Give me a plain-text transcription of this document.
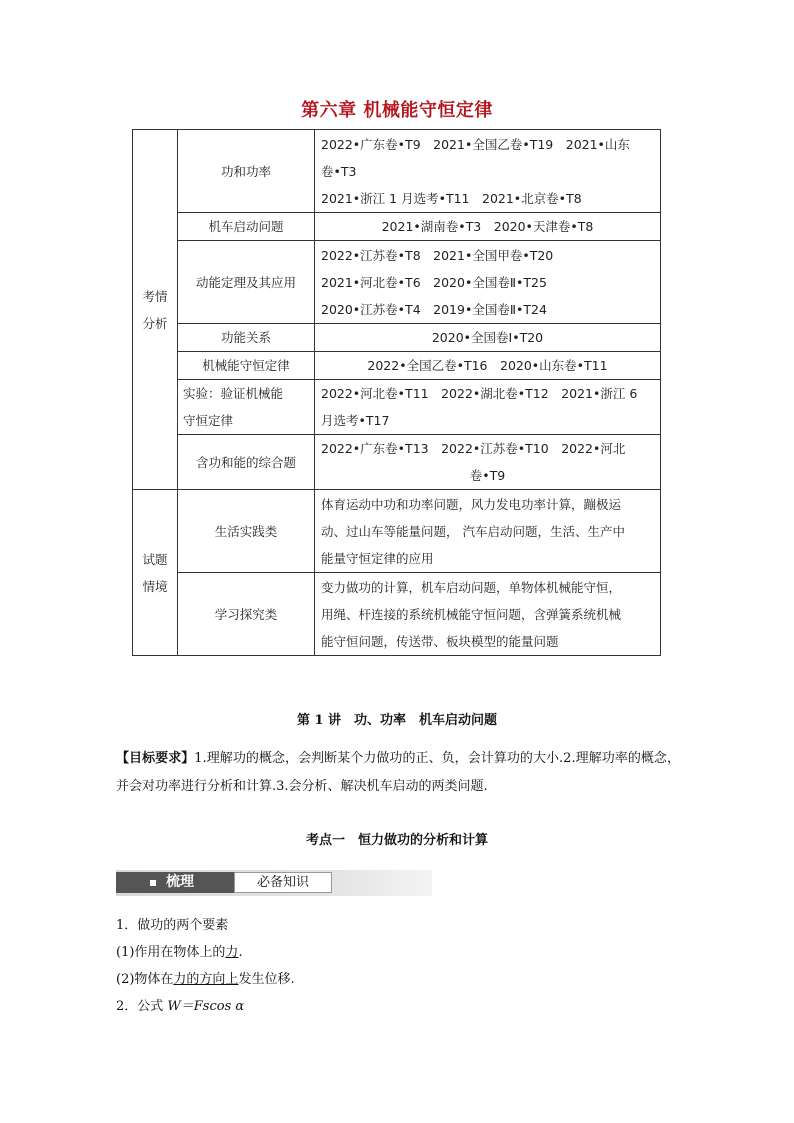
第六章 机械能守恒定律
考情
分析	功和功率	2022•广东卷•T9　2021•全国乙卷•T19　2021•山东
卷•T3
2021•浙江 1 月选考•T11　2021•北京卷•T8

	机车启动问题	2021•湖南卷•T3　2020•天津卷•T8

	动能定理及其应用	2022•江苏卷•T8　2021•全国甲卷•T20
2021•河北卷•T6　2020•全国卷Ⅱ•T25
2020•江苏卷•T4　2019•全国卷Ⅱ•T24

	功能关系	2020•全国卷Ⅰ•T20

	机械能守恒定律	2022•全国乙卷•T16　2020•山东卷•T11

	实验：验证机械能
守恒定律	2022•河北卷•T11　2022•湖北卷•T12　2021•浙江 6
月选考•T17

	含功和能的综合题	2022•广东卷•T13　2022•江苏卷•T10　2022•河北
卷•T9

试题
情境	生活实践类	体育运动中功和功率问题，风力发电功率计算，蹦极运
动、过山车等能量问题， 汽车启动问题，生活、生产中
能量守恒定律的应用

	学习探究类	变力做功的计算，机车启动问题，单物体机械能守恒，
用绳、杆连接的系统机械能守恒问题，含弹簧系统机械
能守恒问题，传送带、板块模型的能量问题
第 1 讲　功、功率　机车启动问题
【目标要求】1.理解功的概念，会判断某个力做功的正、负，会计算功的大小.2.理解功率的概念，并会对功率进行分析和计算.3.会分析、解决机车启动的两类问题.
考点一　恒力做功的分析和计算
梳理	必备知识
1．做功的两个要素
(1)作用在物体上的力.
(2)物体在力的方向上发生位移.
2．公式 W＝Fscos α
